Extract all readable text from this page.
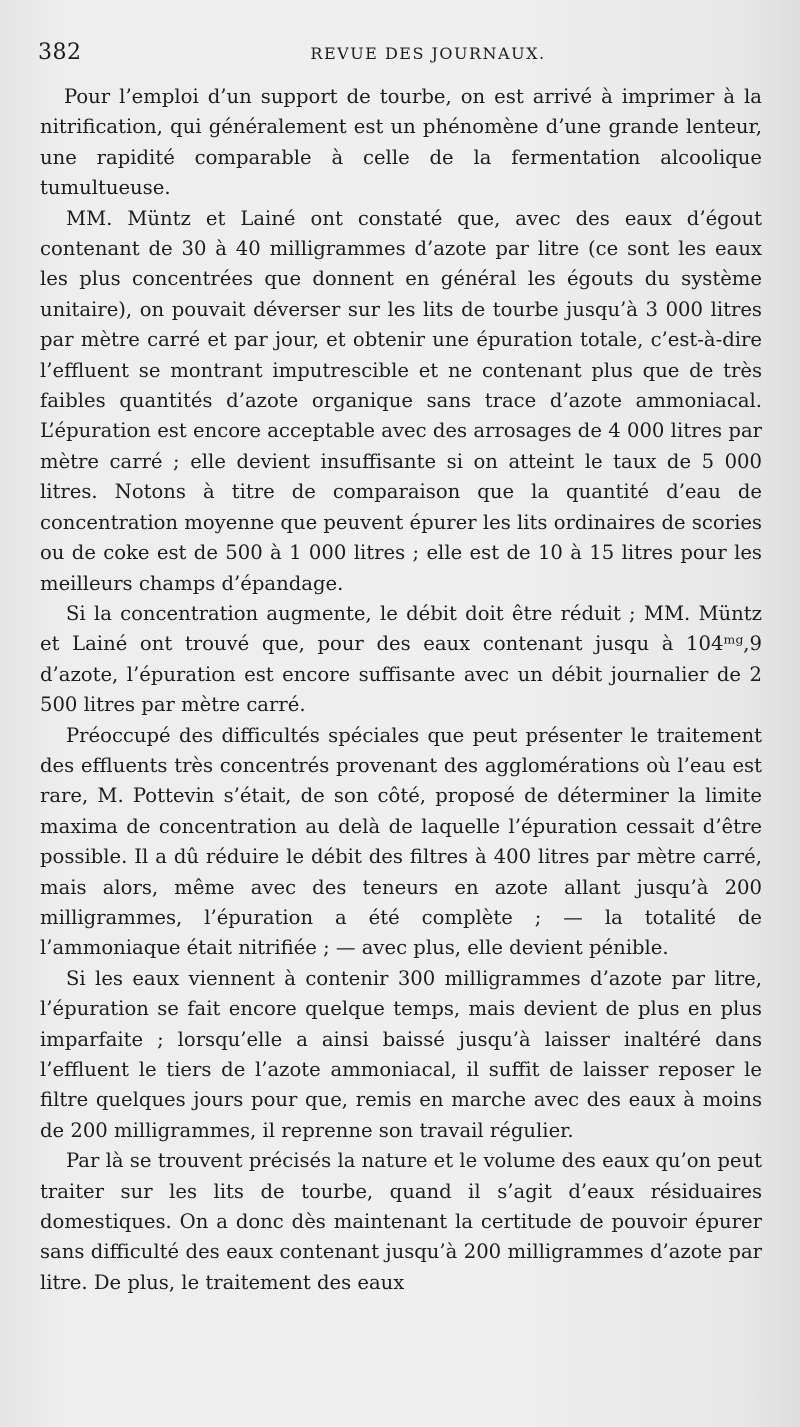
382	REVUE DES JOURNAUX.

Pour l’emploi d’un support de tourbe, on est arrivé à imprimer à la nitrification, qui généralement est un phénomène d’une grande lenteur, une rapidité comparable à celle de la fermentation alcoolique tumultueuse.

MM. Müntz et Lainé ont constaté que, avec des eaux d’égout contenant de 30 à 40 milligrammes d’azote par litre (ce sont les eaux les plus concentrées que donnent en général les égouts du système unitaire), on pouvait déverser sur les lits de tourbe jusqu’à 3 000 litres par mètre carré et par jour, et obtenir une épuration totale, c’est-à-dire l’effluent se montrant imputrescible et ne contenant plus que de très faibles quantités d’azote organique sans trace d’azote ammoniacal. L’épuration est encore acceptable avec des arrosages de 4 000 litres par mètre carré ; elle devient insuffisante si on atteint le taux de 5 000 litres. Notons à titre de comparaison que la quantité d’eau de concentration moyenne que peuvent épurer les lits ordinaires de scories ou de coke est de 500 à 1 000 litres ; elle est de 10 à 15 litres pour les meilleurs champs d’épandage.

Si la concentration augmente, le débit doit être réduit ; MM. Müntz et Lainé ont trouvé que, pour des eaux contenant jusqu à 104ᵐᵍ,9 d’azote, l’épuration est encore suffisante avec un débit journalier de 2 500 litres par mètre carré.

Préoccupé des difficultés spéciales que peut présenter le traitement des effluents très concentrés provenant des agglomérations où l’eau est rare, M. Pottevin s’était, de son côté, proposé de déterminer la limite maxima de concentration au delà de laquelle l’épuration cessait d’être possible. Il a dû réduire le débit des filtres à 400 litres par mètre carré, mais alors, même avec des teneurs en azote allant jusqu’à 200 milligrammes, l’épuration a été complète ; — la totalité de l’ammoniaque était nitrifiée ; — avec plus, elle devient pénible.

Si les eaux viennent à contenir 300 milligrammes d’azote par litre, l’épuration se fait encore quelque temps, mais devient de plus en plus imparfaite ; lorsqu’elle a ainsi baissé jusqu’à laisser inaltéré dans l’effluent le tiers de l’azote ammoniacal, il suffit de laisser reposer le filtre quelques jours pour que, remis en marche avec des eaux à moins de 200 milligrammes, il reprenne son travail régulier.

Par là se trouvent précisés la nature et le volume des eaux qu’on peut traiter sur les lits de tourbe, quand il s’agit d’eaux résiduaires domestiques. On a donc dès maintenant la certitude de pouvoir épurer sans difficulté des eaux contenant jusqu’à 200 milligrammes d’azote par litre. De plus, le traitement des eaux
